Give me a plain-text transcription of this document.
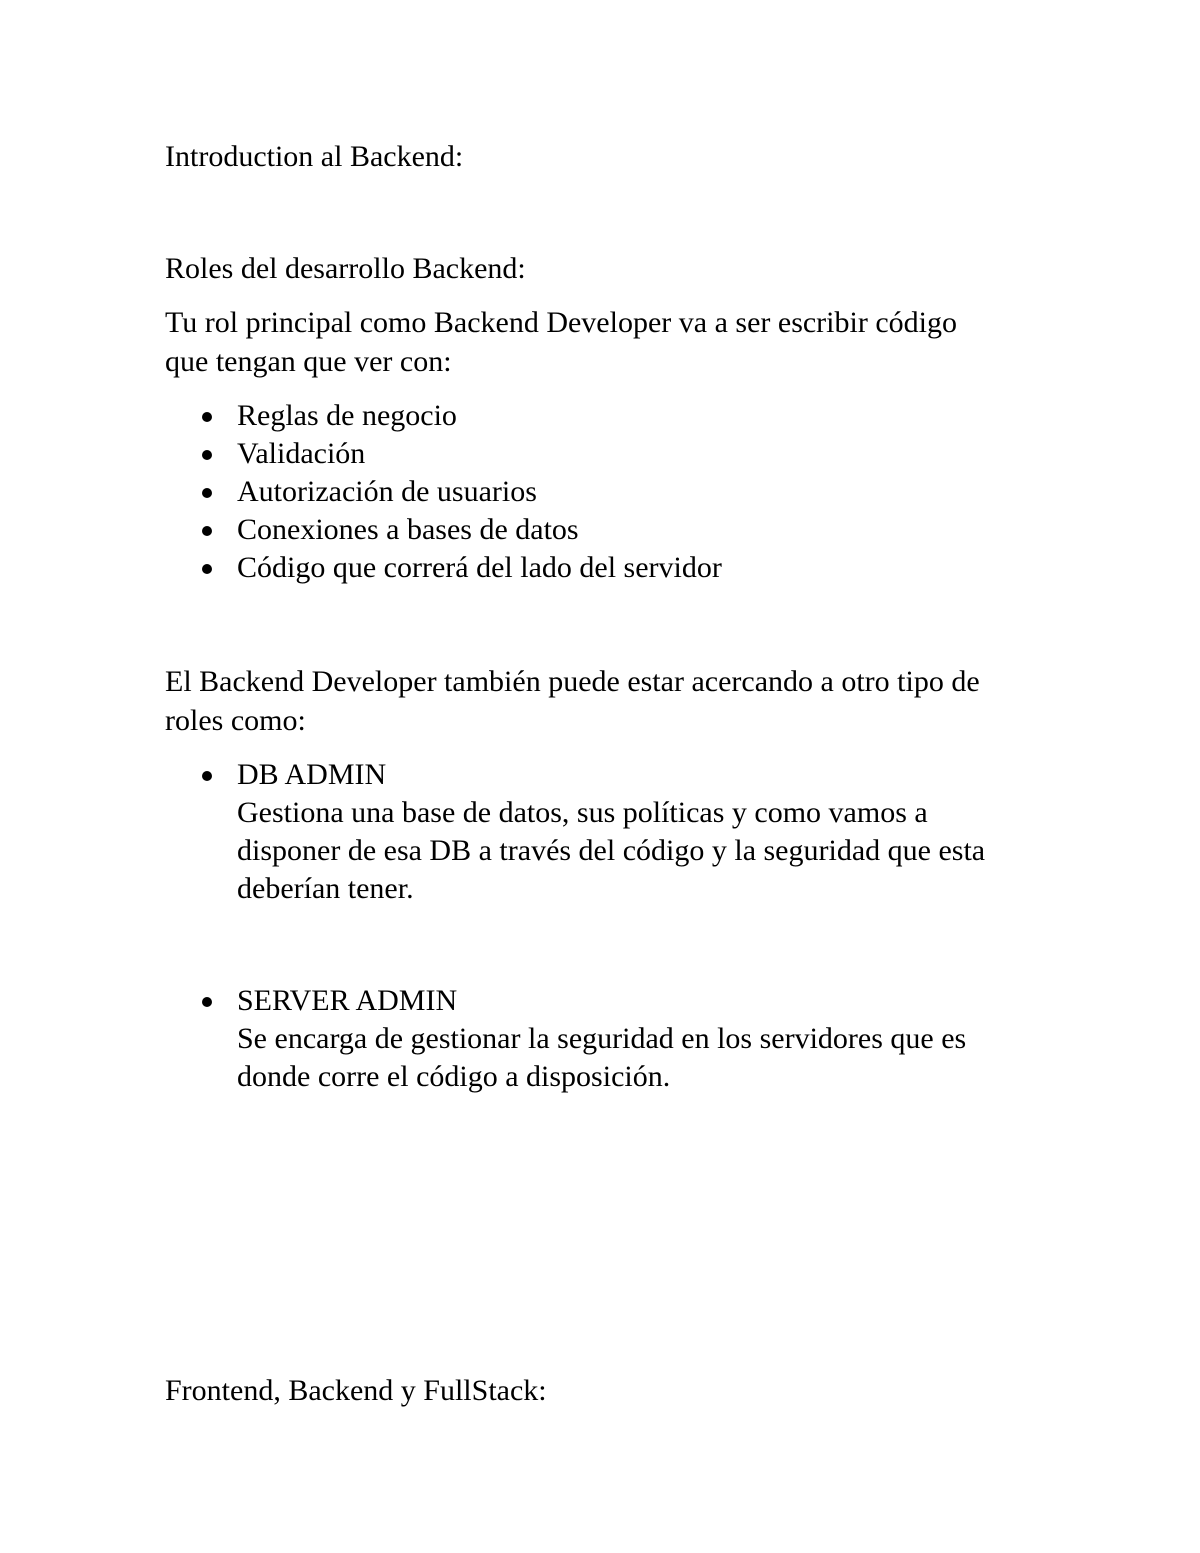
Introduction al Backend:
Roles del desarrollo Backend:
Tu rol principal como Backend Developer va a ser escribir código
que tengan que ver con:
Reglas de negocio
Validación
Autorización de usuarios
Conexiones a bases de datos
Código que correrá del lado del servidor
El Backend Developer también puede estar acercando a otro tipo de
roles como:
DB ADMIN
Gestiona una base de datos, sus políticas y como vamos a
disponer de esa DB a través del código y la seguridad que esta
deberían tener.
SERVER ADMIN
Se encarga de gestionar la seguridad en los servidores que es
donde corre el código a disposición.
Frontend, Backend y FullStack:
